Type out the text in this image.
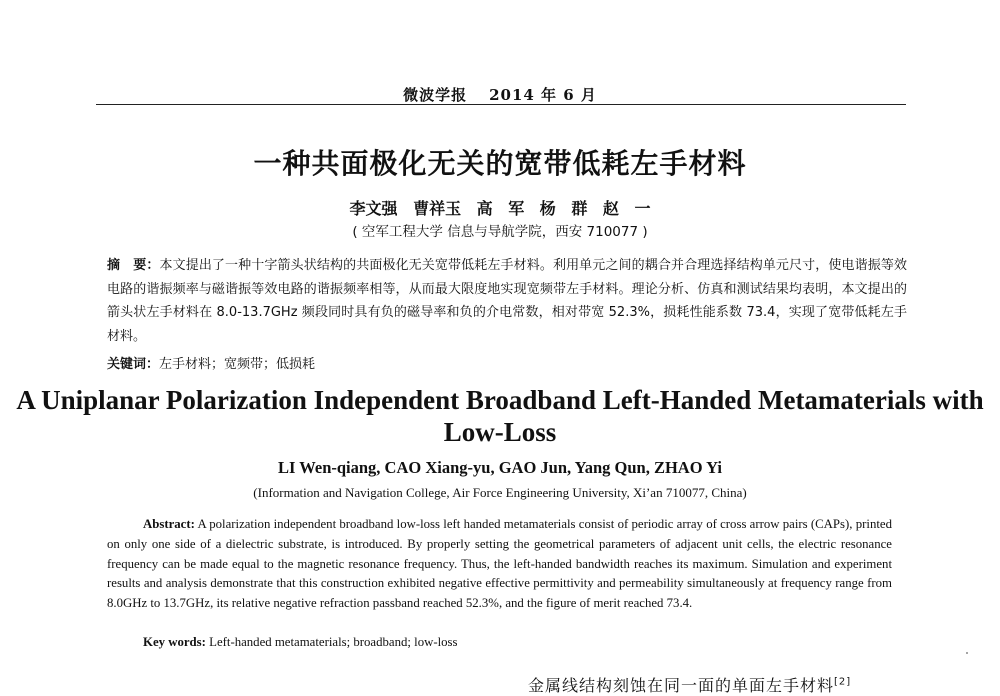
微波学报 2014 年 6 月
一种共面极化无关的宽带低耗左手材料
李文强 曹祥玉 高 军 杨 群 赵 一
( 空军工程大学 信息与导航学院，西安 710077 )
摘　要：本文提出了一种十字箭头状结构的共面极化无关宽带低耗左手材料。利用单元之间的耦合并合理选择结构单元尺寸，使电谐振等效电路的谐振频率与磁谐振等效电路的谐振频率相等，从而最大限度地实现宽频带左手材料。理论分析、仿真和测试结果均表明，本文提出的箭头状左手材料在 8.0-13.7GHz 频段同时具有负的磁导率和负的介电常数，相对带宽 52.3%，损耗性能系数 73.4，实现了宽带低耗左手材料。
关键词：左手材料；宽频带；低损耗
A Uniplanar Polarization Independent Broadband Left-Handed Metamaterials with Low-Loss
LI Wen-qiang, CAO Xiang-yu, GAO Jun, Yang Qun, ZHAO Yi
(Information and Navigation College, Air Force Engineering University, Xi’an 710077, China)
Abstract: A polarization independent broadband low-loss left handed metamaterials consist of periodic array of cross arrow pairs (CAPs), printed on only one side of a dielectric substrate, is introduced. By properly setting the geometrical parameters of adjacent unit cells, the electric resonance frequency can be made equal to the magnetic resonance frequency. Thus, the left-handed bandwidth reaches its maximum. Simulation and experiment results and analysis demonstrate that this construction exhibited negative effective permittivity and permeability simultaneously at frequency range from 8.0GHz to 13.7GHz, its relative negative refraction passband reached 52.3%, and the figure of merit reached 73.4.
Key words: Left-handed metamaterials; broadband; low-loss
金属线结构刻蚀在同一面的单面左手材料[2]
